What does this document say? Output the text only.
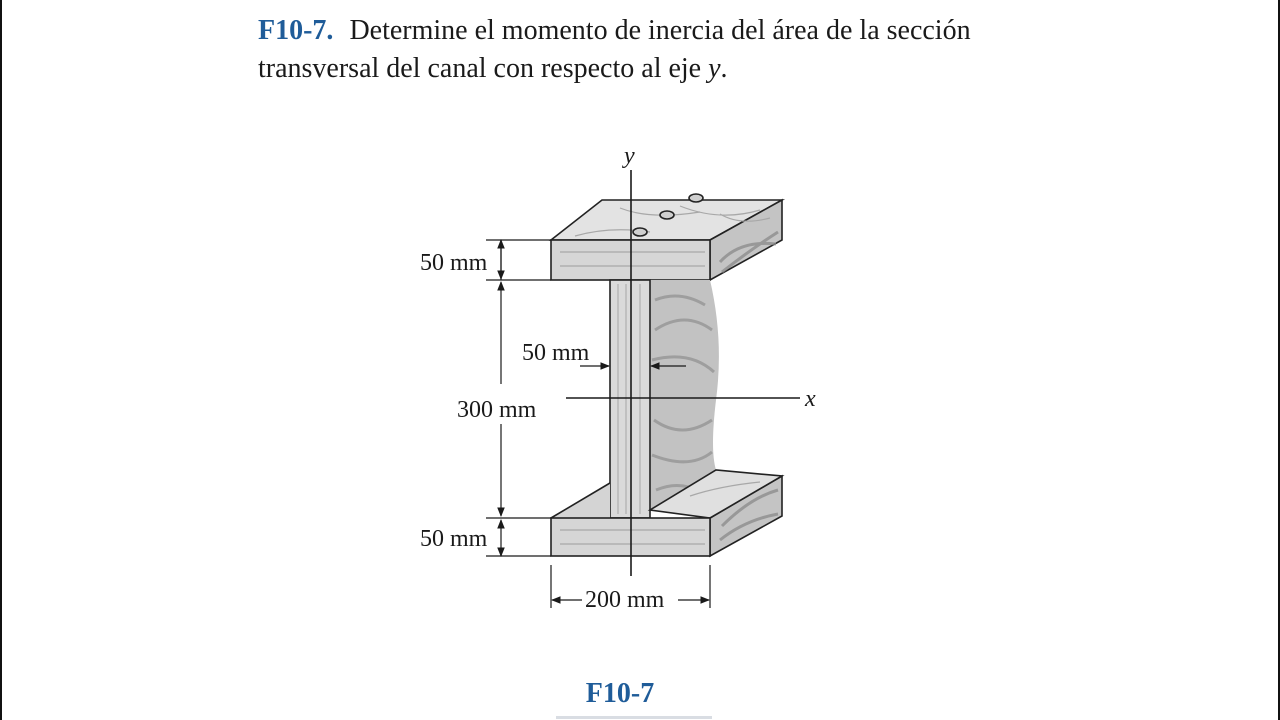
F10-7. Determine el momento de inercia del área de la sección transversal del canal con respecto al eje y.

y
x
50 mm
50 mm
300 mm
50 mm
200 mm
F10-7
